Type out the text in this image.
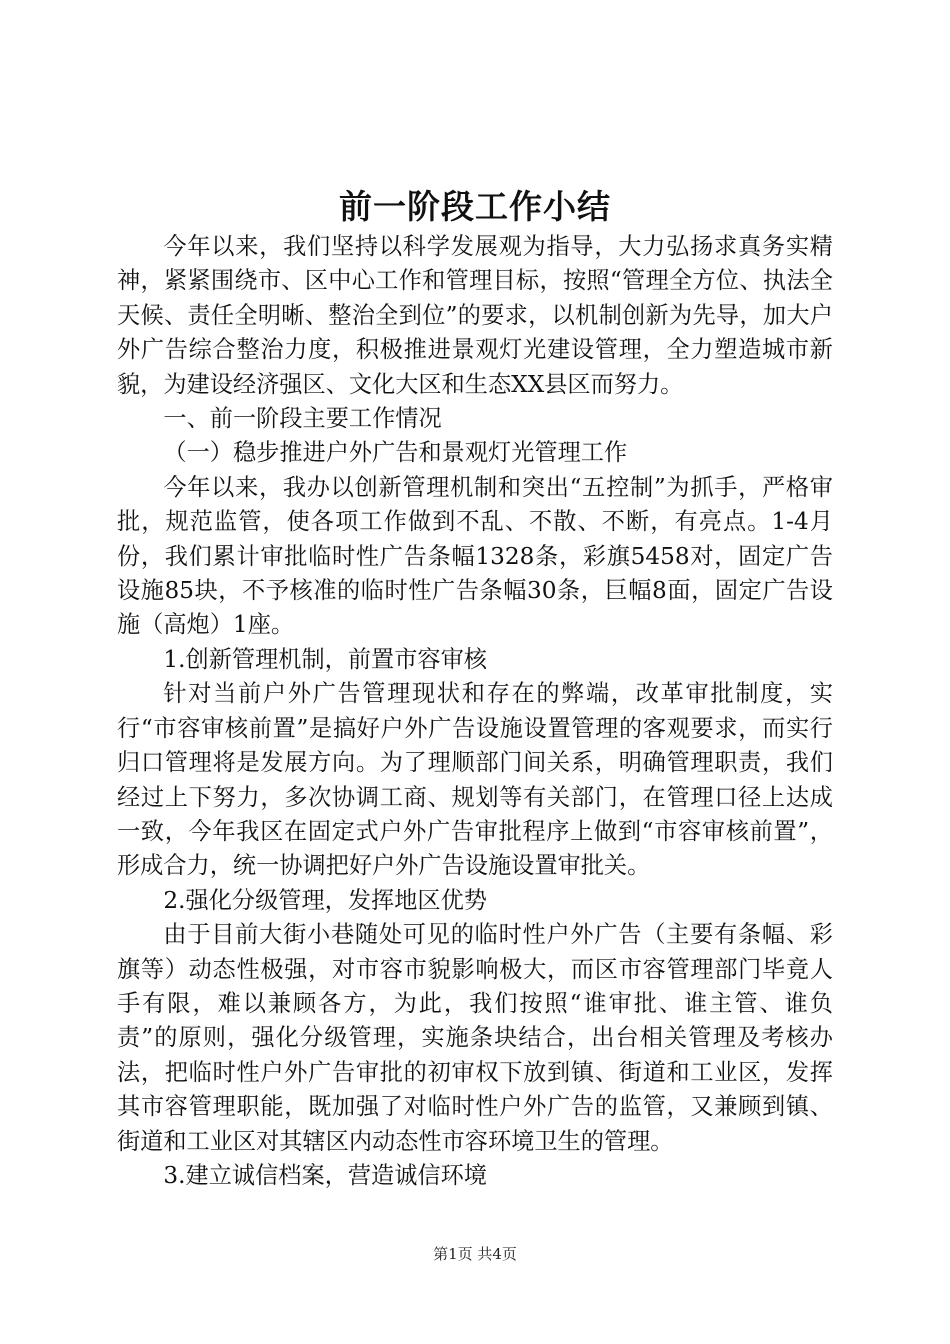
前一阶段工作小结

今年以来，我们坚持以科学发展观为指导，大力弘扬求真务实精神，紧紧围绕市、区中心工作和管理目标，按照“管理全方位、执法全天候、责任全明晰、整治全到位”的要求，以机制创新为先导，加大户外广告综合整治力度，积极推进景观灯光建设管理，全力塑造城市新貌，为建设经济强区、文化大区和生态XX县区而努力。

一、前一阶段主要工作情况

（一）稳步推进户外广告和景观灯光管理工作

今年以来，我办以创新管理机制和突出“五控制”为抓手，严格审批，规范监管，使各项工作做到不乱、不散、不断，有亮点。1-4月份，我们累计审批临时性广告条幅1328条，彩旗5458对，固定广告设施85块，不予核准的临时性广告条幅30条，巨幅8面，固定广告设施（高炮）1座。

1.创新管理机制，前置市容审核

针对当前户外广告管理现状和存在的弊端，改革审批制度，实行“市容审核前置”是搞好户外广告设施设置管理的客观要求，而实行归口管理将是发展方向。为了理顺部门间关系，明确管理职责，我们经过上下努力，多次协调工商、规划等有关部门，在管理口径上达成一致，今年我区在固定式户外广告审批程序上做到“市容审核前置”，形成合力，统一协调把好户外广告设施设置审批关。

2.强化分级管理，发挥地区优势

由于目前大街小巷随处可见的临时性户外广告（主要有条幅、彩旗等）动态性极强，对市容市貌影响极大，而区市容管理部门毕竟人手有限，难以兼顾各方，为此，我们按照“谁审批、谁主管、谁负责”的原则，强化分级管理，实施条块结合，出台相关管理及考核办法，把临时性户外广告审批的初审权下放到镇、街道和工业区，发挥其市容管理职能，既加强了对临时性户外广告的监管，又兼顾到镇、街道和工业区对其辖区内动态性市容环境卫生的管理。

3.建立诚信档案，营造诚信环境

第1页 共4页
